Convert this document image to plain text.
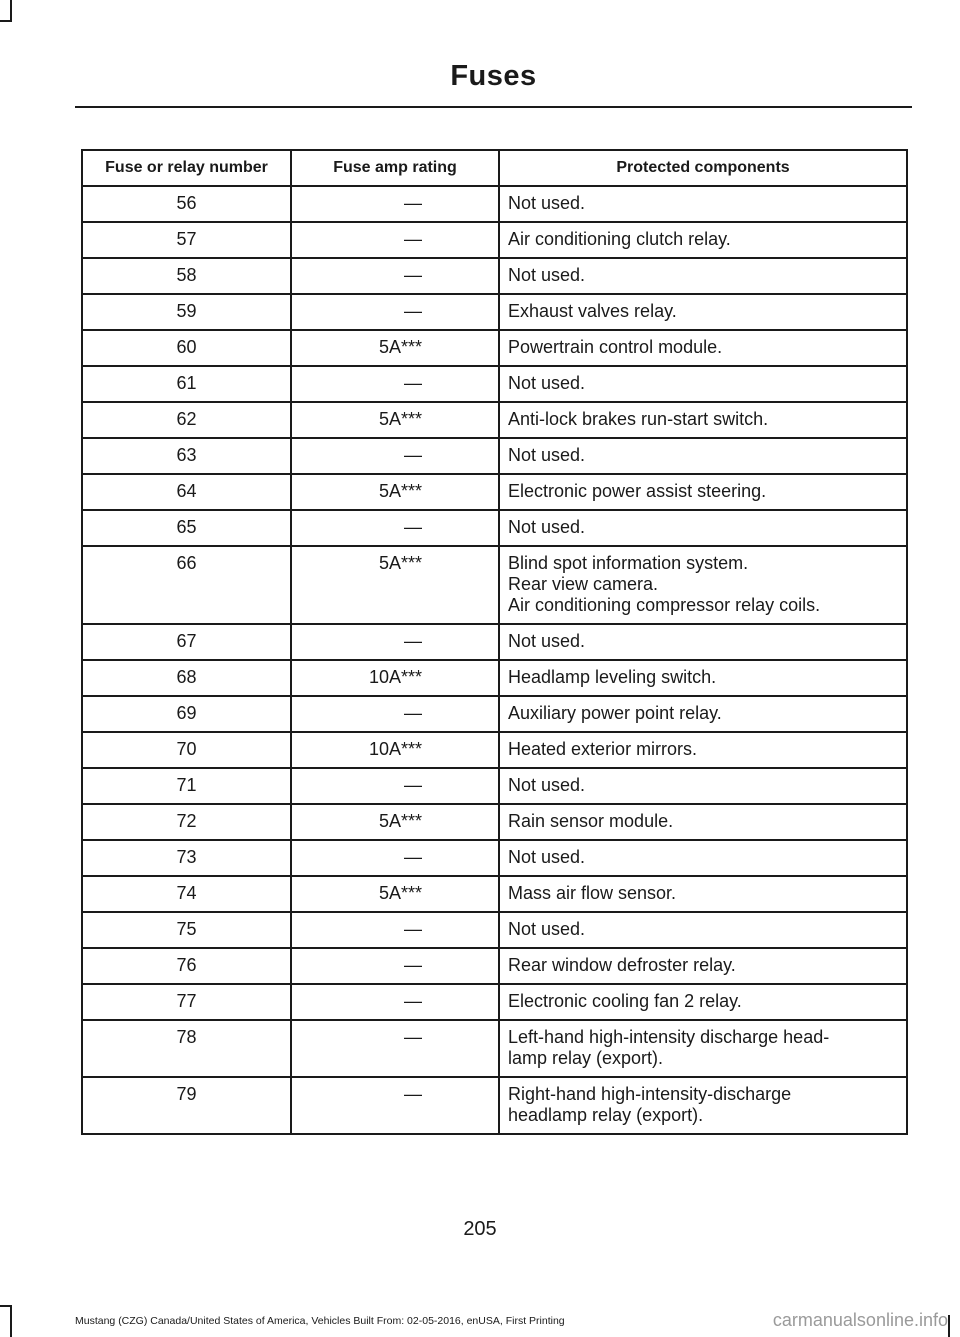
Fuses
Fuse or relay number	Fuse amp rating	Protected components
56	—	Not used.

57	—	Air conditioning clutch relay.

58	—	Not used.

59	—	Exhaust valves relay.

60	5A***	Powertrain control module.

61	—	Not used.

62	5A***	Anti-lock brakes run-start switch.

63	—	Not used.

64	5A***	Electronic power assist steering.

65	—	Not used.

66	5A***	Blind spot information system.
Rear view camera.
Air conditioning compressor relay coils.

67	—	Not used.

68	10A***	Headlamp leveling switch.

69	—	Auxiliary power point relay.

70	10A***	Heated exterior mirrors.

71	—	Not used.

72	5A***	Rain sensor module.

73	—	Not used.

74	5A***	Mass air flow sensor.

75	—	Not used.

76	—	Rear window defroster relay.

77	—	Electronic cooling fan 2 relay.

78	—	Left-hand high-intensity discharge head-
lamp relay (export).

79	—	Right-hand high-intensity-discharge
headlamp relay (export).
205
Mustang (CZG) Canada/United States of America, Vehicles Built From: 02-05-2016, enUSA, First Printing	carmanualsonline.info
